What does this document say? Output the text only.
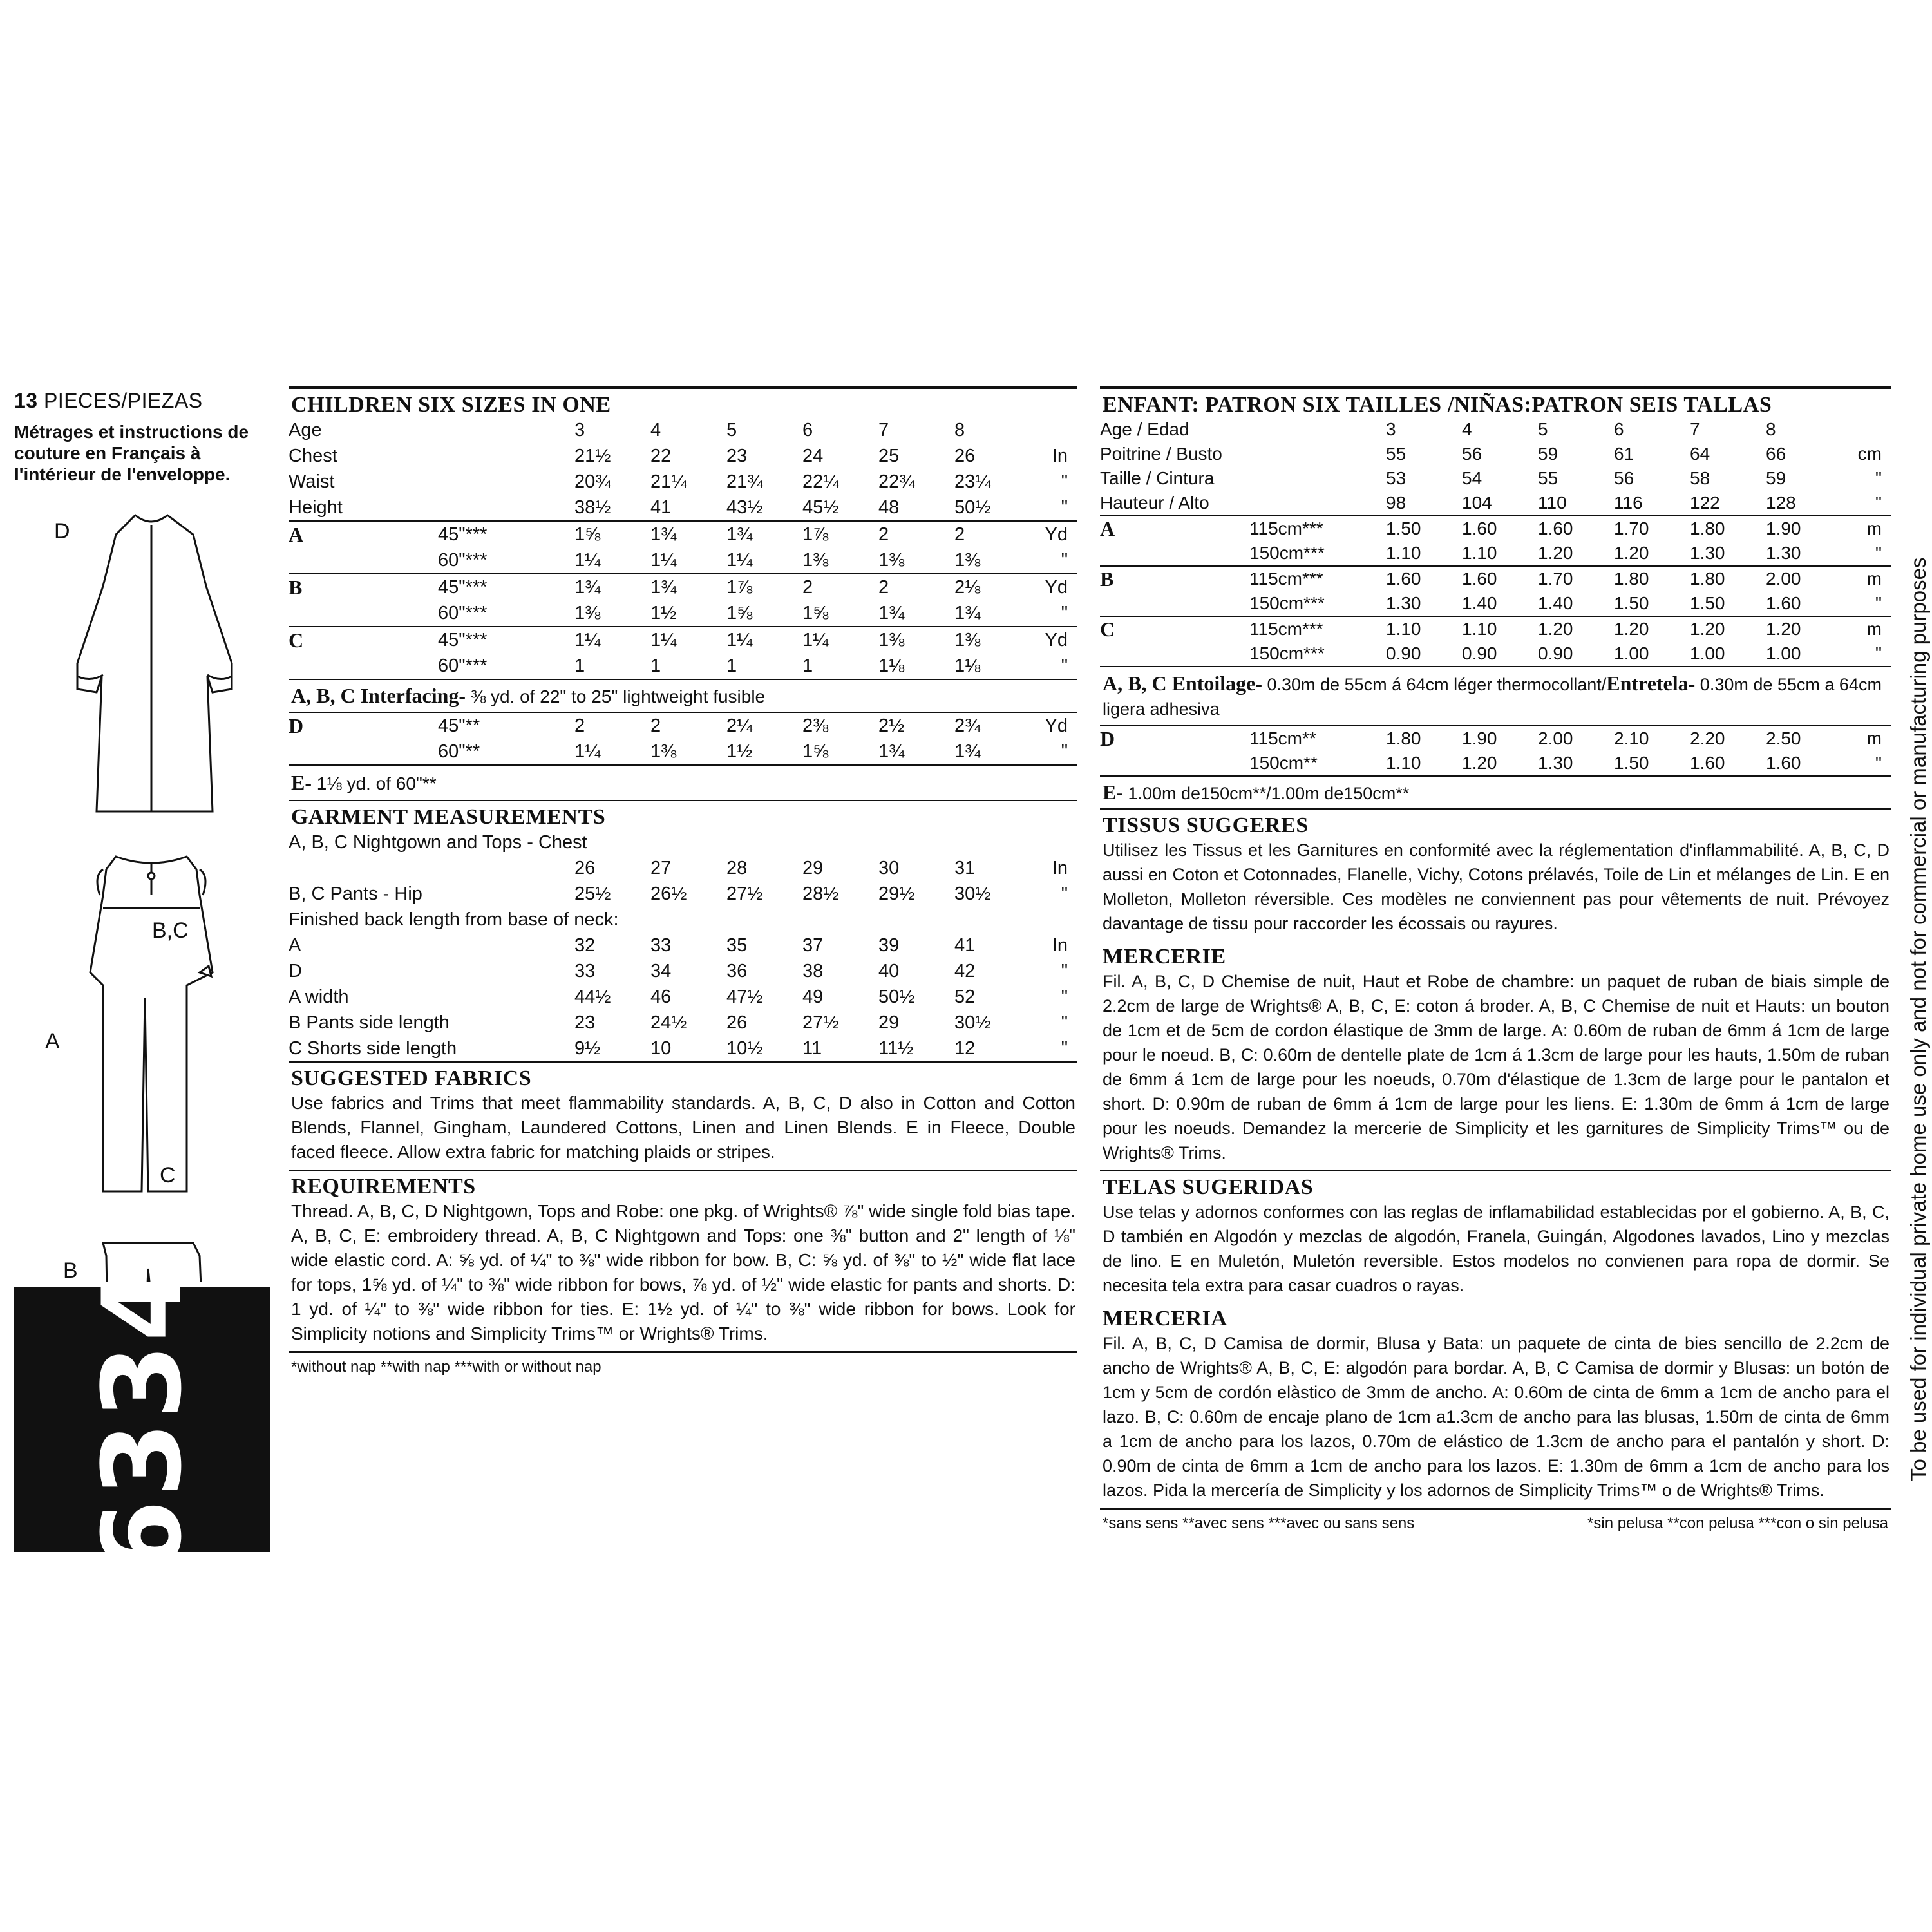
13 PIECES/PIEZAS
Métrages et instructions de couture en Français à l'intérieur de l'enveloppe.
D
B,C
A
C
B 6334
CHILDREN SIX SIZES IN ONE
Age	3	4	5	6	7	8	
Chest	21½	22	23	24	25	26	In
Waist	20¾	21¼	21¾	22¼	22¾	23¼	"
Height	38½	41	43½	45½	48	50½	"
A	45"***	1⅝	1¾	1¾	1⅞	2	2	Yd
	60"***	1¼	1¼	1¼	1⅜	1⅜	1⅜	"
B	45"***	1¾	1¾	1⅞	2	2	2⅛	Yd
	60"***	1⅜	1½	1⅝	1⅝	1¾	1¾	"
C	45"***	1¼	1¼	1¼	1¼	1⅜	1⅜	Yd
	60"***	1	1	1	1	1⅛	1⅛	"
A, B, C Interfacing- ⅜ yd. of 22" to 25" lightweight fusible
D	45"**	2	2	2¼	2⅜	2½	2¾	Yd
	60"**	1¼	1⅜	1½	1⅝	1¾	1¾	"
E- 1⅛ yd. of 60"**
GARMENT MEASUREMENTS
A, B, C Nightgown and Tops - Chest							
	26	27	28	29	30	31	In
B, C Pants - Hip	25½	26½	27½	28½	29½	30½	"
Finished back length from base of neck:							
A	32	33	35	37	39	41	In
D	33	34	36	38	40	42	"
A width	44½	46	47½	49	50½	52	"
B Pants side length	23	24½	26	27½	29	30½	"
C Shorts side length	9½	10	10½	11	11½	12	"
SUGGESTED FABRICS
Use fabrics and Trims that meet flammability standards. A, B, C, D also in Cotton and Cotton Blends, Flannel, Gingham, Laundered Cottons, Linen and Linen Blends. E in Fleece, Double faced fleece. Allow extra fabric for matching plaids or stripes.
REQUIREMENTS
Thread. A, B, C, D Nightgown, Tops and Robe: one pkg. of Wrights® ⅞" wide single fold bias tape. A, B, C, E: embroidery thread. A, B, C Nightgown and Tops: one ⅜" button and 2" length of ⅛" wide elastic cord. A: ⅝ yd. of ¼" to ⅜" wide ribbon for bow. B, C: ⅝ yd. of ⅜" to ½" wide flat lace for tops, 1⅝ yd. of ¼" to ⅜" wide ribbon for bows, ⅞ yd. of ½" wide elastic for pants and shorts. D: 1 yd. of ¼" to ⅜" wide ribbon for ties. E: 1½ yd. of ¼" to ⅜" wide ribbon for bows. Look for Simplicity notions and Simplicity Trims™ or Wrights® Trims.
*without nap **with nap ***with or without nap
ENFANT: PATRON SIX TAILLES /NIÑAS:PATRON SEIS TALLAS
Age / Edad	3	4	5	6	7	8	
Poitrine / Busto	55	56	59	61	64	66	cm
Taille / Cintura	53	54	55	56	58	59	"
Hauteur / Alto	98	104	110	116	122	128	"
A	115cm***	1.50	1.60	1.60	1.70	1.80	1.90	m
	150cm***	1.10	1.10	1.20	1.20	1.30	1.30	"
B	115cm***	1.60	1.60	1.70	1.80	1.80	2.00	m
	150cm***	1.30	1.40	1.40	1.50	1.50	1.60	"
C	115cm***	1.10	1.10	1.20	1.20	1.20	1.20	m
	150cm***	0.90	0.90	0.90	1.00	1.00	1.00	"
A, B, C Entoilage- 0.30m de 55cm á 64cm léger thermocollant/Entretela- 0.30m de 55cm a 64cm ligera adhesiva
D	115cm**	1.80	1.90	2.00	2.10	2.20	2.50	m
	150cm**	1.10	1.20	1.30	1.50	1.60	1.60	"
E- 1.00m de150cm**/1.00m de150cm**
TISSUS SUGGERES
Utilisez les Tissus et les Garnitures en conformité avec la réglementation d'inflammabilité. A, B, C, D aussi en Coton et Cotonnades, Flanelle, Vichy, Cotons prélavés, Toile de Lin et mélanges de Lin. E en Molleton, Molleton réversible. Ces modèles ne conviennent pas pour vêtements de nuit. Prévoyez davantage de tissu pour raccorder les écossais ou rayures.
MERCERIE
Fil. A, B, C, D Chemise de nuit, Haut et Robe de chambre: un paquet de ruban de biais simple de 2.2cm de large de Wrights® A, B, C, E: coton á broder. A, B, C Chemise de nuit et Hauts: un bouton de 1cm et de 5cm de cordon élastique de 3mm de large. A: 0.60m de ruban de 6mm á 1cm de large pour le noeud. B, C: 0.60m de dentelle plate de 1cm á 1.3cm de large pour les hauts, 1.50m de ruban de 6mm á 1cm de large pour les noeuds, 0.70m d'élastique de 1.3cm de large pour le pantalon et short. D: 0.90m de ruban de 6mm á 1cm de large pour les liens. E: 1.30m de 6mm á 1cm de large pour les noeuds. Demandez la mercerie de Simplicity et les garnitures de Simplicity Trims™ ou de Wrights® Trims.
TELAS SUGERIDAS
Use telas y adornos conformes con las reglas de inflamabilidad establecidas por el gobierno. A, B, C, D también en Algodón y mezclas de algodón, Franela, Guingán, Algodones lavados, Lino y mezclas de lino. E en Muletón, Muletón reversible. Estos modelos no convienen para ropa de dormir. Se necesita tela extra para casar cuadros o rayas.
MERCERIA
Fil. A, B, C, D Camisa de dormir, Blusa y Bata: un paquete de cinta de bies sencillo de 2.2cm de ancho de Wrights® A, B, C, E: algodón para bordar. A, B, C Camisa de dormir y Blusas: un botón de 1cm y 5cm de cordón elàstico de 3mm de ancho. A: 0.60m de cinta de 6mm a 1cm de ancho para el lazo. B, C: 0.60m de encaje plano de 1cm a1.3cm de ancho para las blusas, 1.50m de cinta de 6mm a 1cm de ancho para los lazos, 0.70m de elástico de 1.3cm de ancho para el pantalón y short. D: 0.90m de cinta de 6mm a 1cm de ancho para los lazos. E: 1.30m de 6mm a 1cm de ancho para los lazos. Pida la mercería de Simplicity y los adornos de Simplicity Trims™ o de Wrights® Trims.
*sans sens **avec sens ***avec ou sans sens	*sin pelusa **con pelusa ***con o sin pelusa
To be used for individual private home use only and not for commercial or manufacturing purposes
